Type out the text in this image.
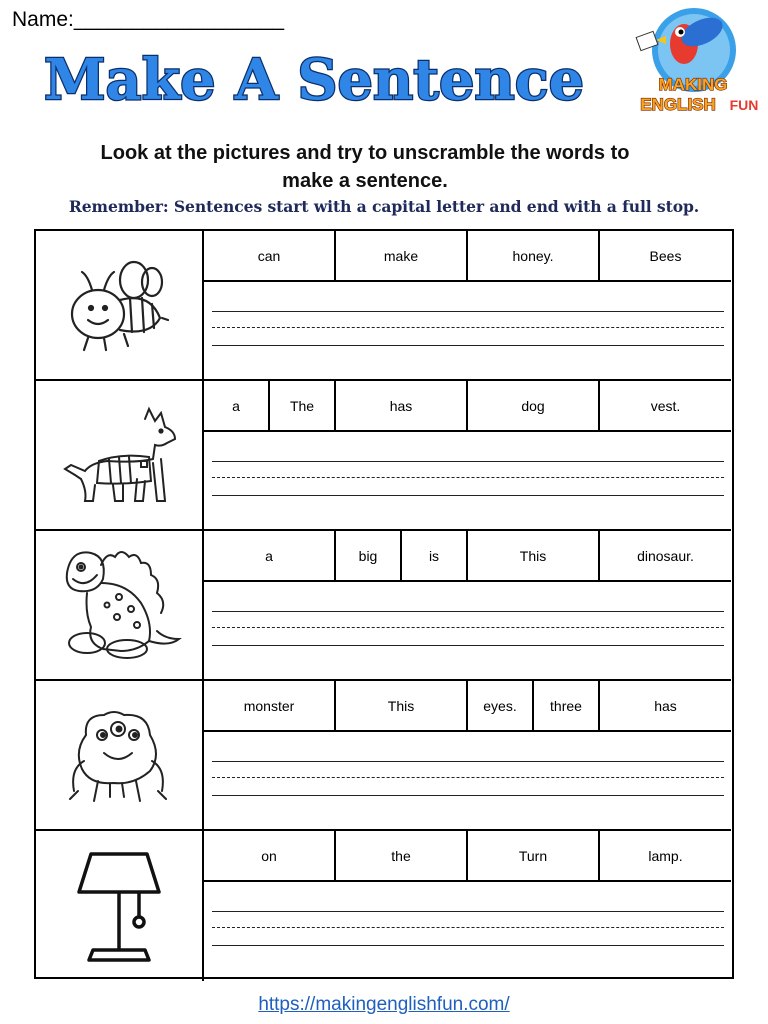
Name:__________________
Make A Sentence	MAKING
ENGLISH FUN
Look at the pictures and try to unscramble the words to
make a sentence.
Remember: Sentences start with a capital letter and end with a full stop.
can	make	honey.	Bees
a	The	has	dog	vest.
a	big	is	This	dinosaur.
monster	This	eyes.	three	has
on	the	Turn	lamp.
https://makingenglishfun.com/
